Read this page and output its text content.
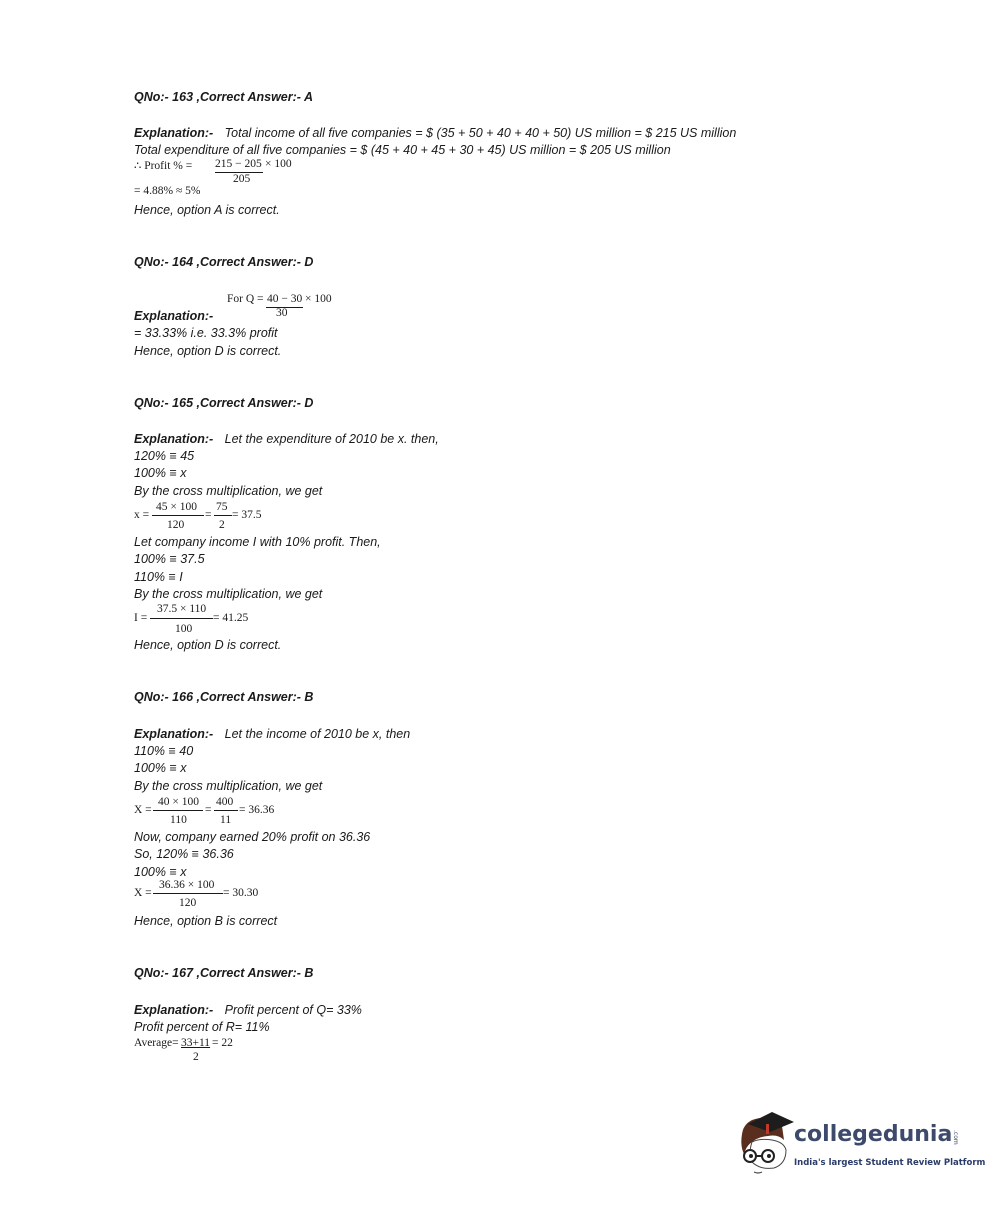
QNo:- 163 ,Correct Answer:- A
Explanation:- Total income of all five companies = $ (35 + 50 + 40 + 40 + 50) US million = $ 215 US million
Total expenditure of all five companies = $ (45 + 40 + 45 + 30 + 45) US million = $ 205 US million
∴ Profit % = 215 − 205 × 100
205
= 4.88% ≈ 5%
Hence, option A is correct.
QNo:- 164 ,Correct Answer:- D
For Q = 40 − 30 × 100
30
Explanation:-
= 33.33% i.e. 33.3% profit
Hence, option D is correct.
QNo:- 165 ,Correct Answer:- D
Explanation:- Let the expenditure of 2010 be x. then,
120% ≡ 45
100% ≡ x
By the cross multiplication, we get
x =
45 × 100
120
=
75
2
= 37.5
Let company income I with 10% profit. Then,
100% ≡ 37.5
110% ≡ I
By the cross multiplication, we get
I =
37.5 × 110
100
= 41.25
Hence, option D is correct.
QNo:- 166 ,Correct Answer:- B
Explanation:- Let the income of 2010 be x, then
110% ≡ 40
100% ≡ x
By the cross multiplication, we get
X =
40 × 100
110
=
400
11
= 36.36
Now, company earned 20% profit on 36.36
So, 120% ≡ 36.36
100% ≡ x
X =
36.36 × 100
120
= 30.30
Hence, option B is correct
QNo:- 167 ,Correct Answer:- B
Explanation:- Profit percent of Q= 33%
Profit percent of R= 11%
Average= 33+11 = 22
2
collegedunia .com
India's largest Student Review Platform
